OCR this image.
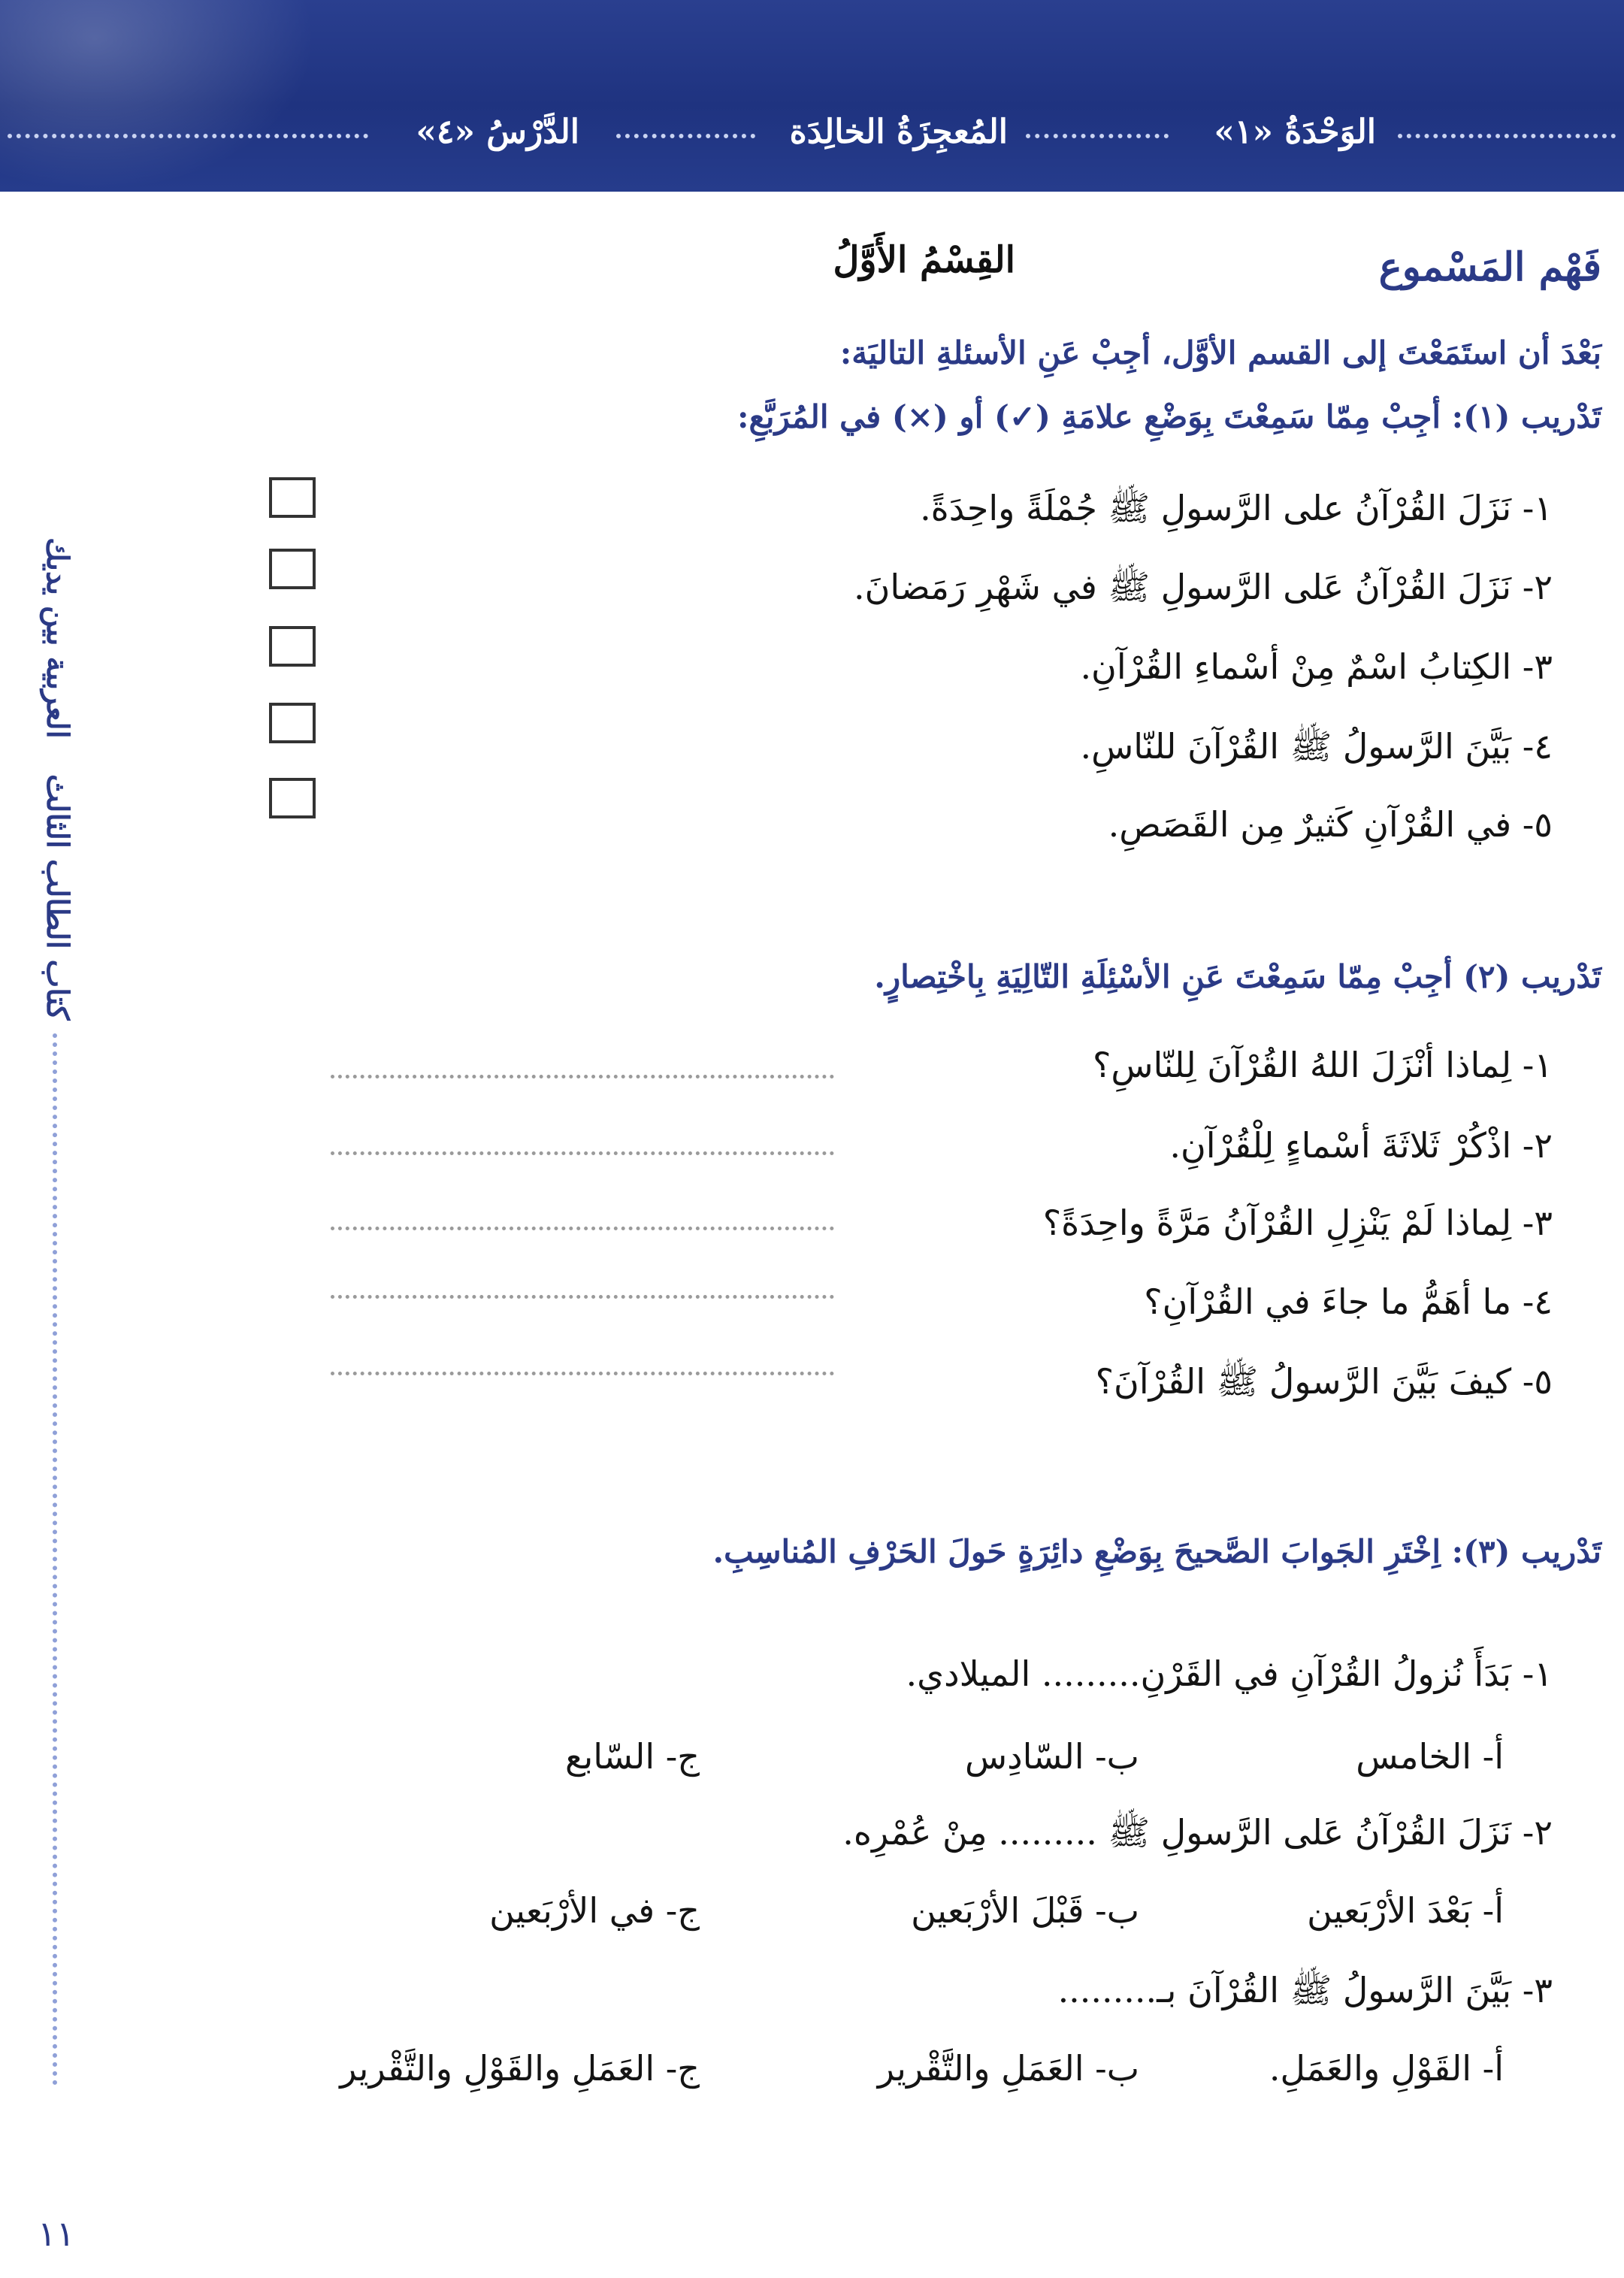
الوَحْدَةُ «١»
المُعجِزَةُ الخالِدَة
الدَّرْسُ «٤»
العربية بين يديك
كتاب الطالب الثالث
١١
فَهْم المَسْموع
القِسْمُ الأَوَّلُ
بَعْدَ أن استَمَعْتَ إلى القسم الأوَّل، أجِبْ عَنِ الأسئلةِ التاليَة:
تَدْريب (١): أجِبْ مِمّا سَمِعْتَ بِوَضْعِ علامَةِ (✓) أو (×) في المُرَبَّعِ:
١- نَزَلَ القُرْآنُ على الرَّسولِ ﷺ جُمْلَةً واحِدَةً.
٢- نَزَلَ القُرْآنُ عَلى الرَّسولِ ﷺ في شَهْرِ رَمَضانَ.
٣- الكِتابُ اسْمٌ مِنْ أسْماءِ القُرْآنِ.
٤- بَيَّنَ الرَّسولُ ﷺ القُرْآنَ للنّاسِ.
٥- في القُرْآنِ كَثيرٌ مِن القَصَصِ.
تَدْريب (٢) أجِبْ مِمّا سَمِعْتَ عَنِ الأسْئِلَةِ التّالِيَةِ بِاخْتِصارٍ.
١- لِماذا أنْزَلَ اللهُ القُرْآنَ لِلنّاسِ؟
٢- اذْكُرْ ثَلاثَةَ أسْماءٍ لِلْقُرْآنِ.
٣- لِماذا لَمْ يَنْزِلِ القُرْآنُ مَرَّةً واحِدَةً؟
٤- ما أهَمُّ ما جاءَ في القُرْآنِ؟
٥- كيفَ بَيَّنَ الرَّسولُ ﷺ القُرْآنَ؟
تَدْريب (٣): اِخْتَرِ الجَوابَ الصَّحيحَ بِوَضْعِ دائِرَةٍ حَولَ الحَرْفِ المُناسِبِ.
١- بَدَأَ نُزولُ القُرْآنِ في القَرْنِ......... الميلادي.
أ- الخامس
ب- السّادِس
ج- السّابع
٢- نَزَلَ القُرْآنُ عَلى الرَّسولِ ﷺ ......... مِنْ عُمْرِه.
أ- بَعْدَ الأرْبَعين
ب- قَبْلَ الأرْبَعين
ج- في الأرْبَعين
٣- بَيَّنَ الرَّسولُ ﷺ القُرْآنَ بـ.........
أ- القَوْلِ والعَمَلِ.
ب- العَمَلِ والتَّقْرير
ج- العَمَلِ والقَوْلِ والتَّقْرير
